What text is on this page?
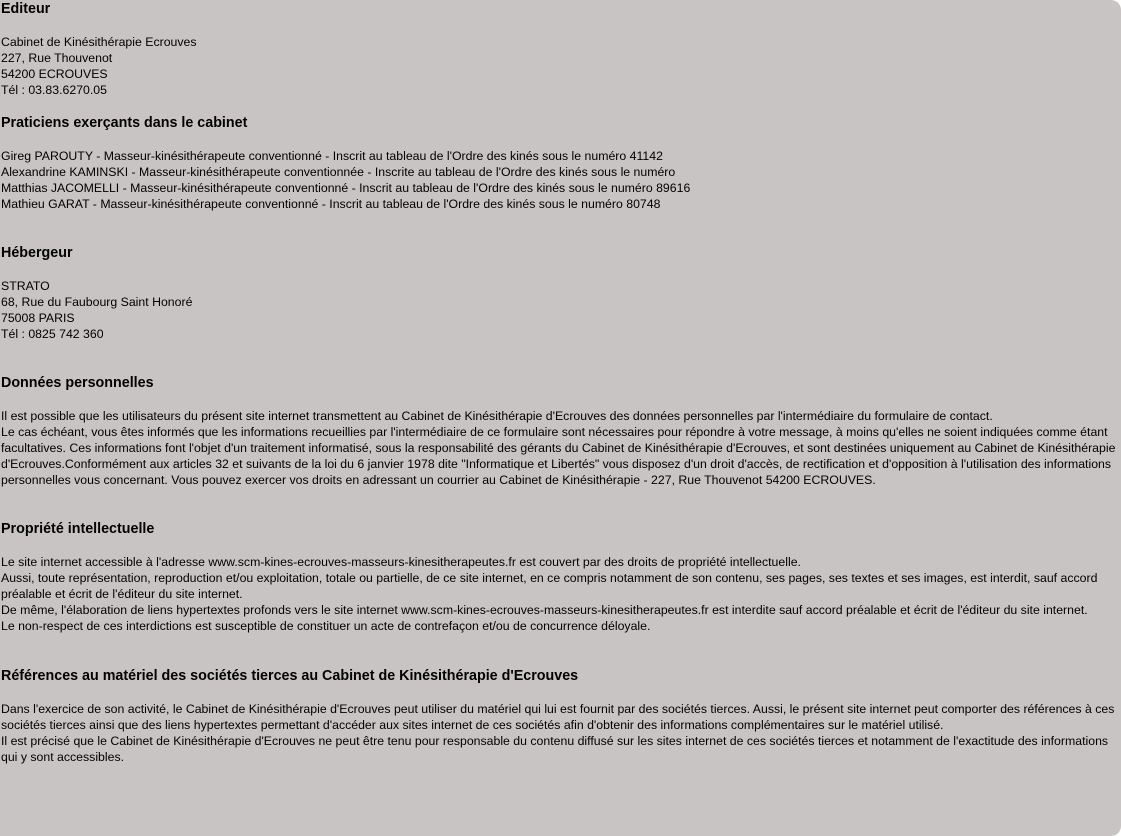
Editeur

Cabinet de Kinésithérapie Ecrouves

227, Rue Thouvenot

54200 ECROUVES

Tél : 03.83.6270.05

Praticiens exerçants dans le cabinet

Gireg PAROUTY - Masseur-kinésithérapeute conventionné - Inscrit au tableau de l'Ordre des kinés sous le numéro 41142

Alexandrine KAMINSKI - Masseur-kinésithérapeute conventionnée - Inscrite au tableau de l'Ordre des kinés sous le numéro

Matthias JACOMELLI - Masseur-kinésithérapeute conventionné - Inscrit au tableau de l'Ordre des kinés sous le numéro 89616

Mathieu GARAT - Masseur-kinésithérapeute conventionné - Inscrit au tableau de l'Ordre des kinés sous le numéro 80748

Hébergeur

STRATO

68, Rue du Faubourg Saint Honoré

75008 PARIS

Tél : 0825 742 360

Données personnelles

Il est possible que les utilisateurs du présent site internet transmettent au Cabinet de Kinésithérapie d'Ecrouves des données personnelles par l'intermédiaire du formulaire de contact.

Le cas échéant, vous êtes informés que les informations recueillies par l'intermédiaire de ce formulaire sont nécessaires pour répondre à votre message, à moins qu'elles ne soient indiquées comme étant facultatives. Ces informations font l'objet d'un traitement informatisé, sous la responsabilité des gérants du Cabinet de Kinésithérapie d'Ecrouves, et sont destinées uniquement au Cabinet de Kinésithérapie d'Ecrouves.Conformément aux articles 32 et suivants de la loi du 6 janvier 1978 dite "Informatique et Libertés" vous disposez d'un droit d'accès, de rectification et d'opposition à l'utilisation des informations personnelles vous concernant. Vous pouvez exercer vos droits en adressant un courrier au Cabinet de Kinésithérapie - 227, Rue Thouvenot 54200 ECROUVES.

Propriété intellectuelle

Le site internet accessible à l'adresse www.scm-kines-ecrouves-masseurs-kinesitherapeutes.fr est couvert par des droits de propriété intellectuelle.

Aussi, toute représentation, reproduction et/ou exploitation, totale ou partielle, de ce site internet, en ce compris notamment de son contenu, ses pages, ses textes et ses images, est interdit, sauf accord préalable et écrit de l'éditeur du site internet.

De même, l'élaboration de liens hypertextes profonds vers le site internet www.scm-kines-ecrouves-masseurs-kinesitherapeutes.fr est interdite sauf accord préalable et écrit de l'éditeur du site internet.

Le non-respect de ces interdictions est susceptible de constituer un acte de contrefaçon et/ou de concurrence déloyale.

Références au matériel des sociétés tierces au Cabinet de Kinésithérapie d'Ecrouves

Dans l'exercice de son activité, le Cabinet de Kinésithérapie d'Ecrouves peut utiliser du matériel qui lui est fournit par des sociétés tierces. Aussi, le présent site internet peut comporter des références à ces sociétés tierces ainsi que des liens hypertextes permettant d'accéder aux sites internet de ces sociétés afin d'obtenir des informations complémentaires sur le matériel utilisé.

Il est précisé que le Cabinet de Kinésithérapie d'Ecrouves ne peut être tenu pour responsable du contenu diffusé sur les sites internet de ces sociétés tierces et notamment de l'exactitude des informations qui y sont accessibles.
